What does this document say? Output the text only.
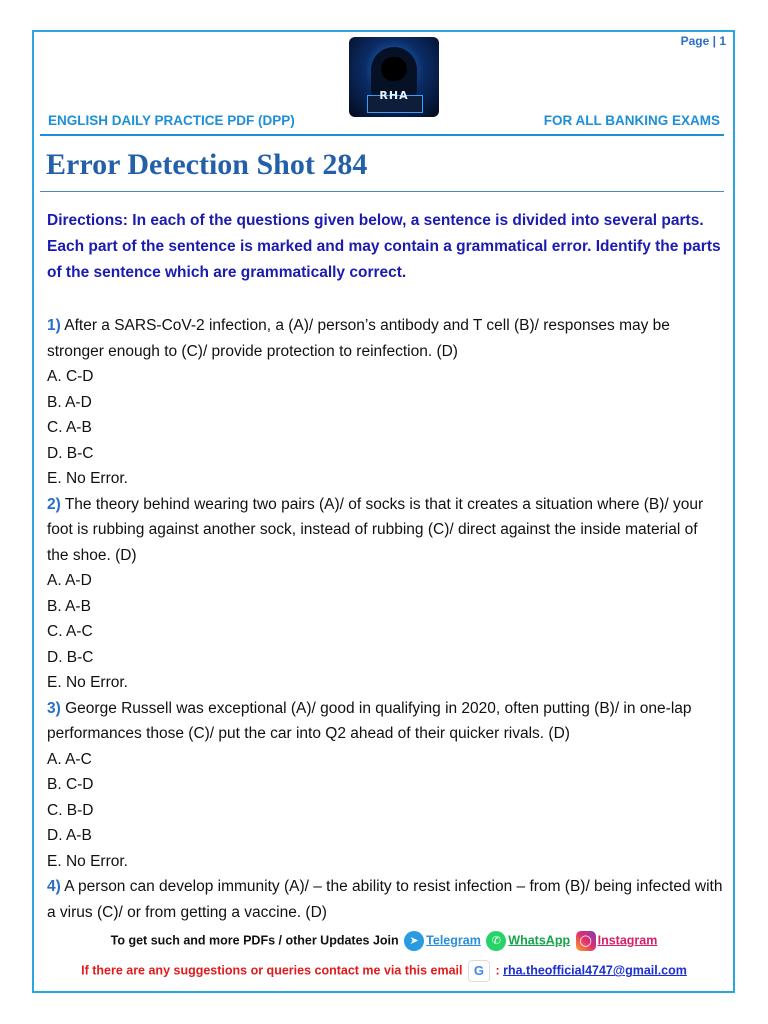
Page | 1
RHA
ENGLISH DAILY PRACTICE PDF (DPP)	FOR ALL BANKING EXAMS
Error Detection Shot 284
Directions: In each of the questions given below, a sentence is divided into several parts. Each part of the sentence is marked and may contain a grammatical error. Identify the parts of the sentence which are grammatically correct.

1) After a SARS-CoV-2 infection, a (A)/ person’s antibody and T cell (B)/ responses may be stronger enough to (C)/ provide protection to reinfection. (D)

A. C-D

B. A-D

C. A-B

D. B-C

E. No Error.

2) The theory behind wearing two pairs (A)/ of socks is that it creates a situation where (B)/ your foot is rubbing against another sock, instead of rubbing (C)/ direct against the inside material of the shoe. (D)

A. A-D

B. A-B

C. A-C

D. B-C

E. No Error.

3) George Russell was exceptional (A)/ good in qualifying in 2020, often putting (B)/ in one-lap performances those (C)/ put the car into Q2 ahead of their quicker rivals. (D)

A. A-C

B. C-D

C. B-D

D. A-B

E. No Error.

4) A person can develop immunity (A)/ – the ability to resist infection – from (B)/ being infected with a virus (C)/ or from getting a vaccine. (D)

To get such and more PDFs / other Updates Join ➤ Telegram ✆ WhatsApp ◯ Instagram
If there are any suggestions or queries contact me via this email G : rha.theofficial4747@gmail.com
